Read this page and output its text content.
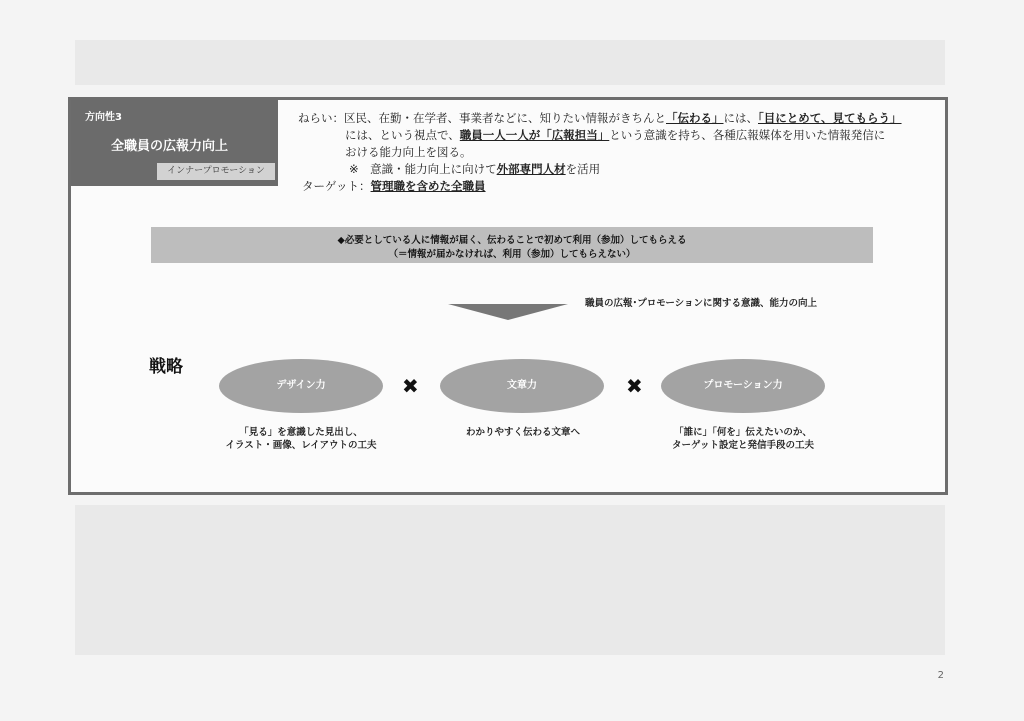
方向性3
全職員の広報力向上
インナープロモーション
ねらい：区民、在勤・在学者、事業者などに、知りたい情報がきちんと「伝わる」には、「目にとめて、見てもらう」
には、という視点で、職員一人一人が「広報担当」という意識を持ち、各種広報媒体を用いた情報発信に
おける能力向上を図る。
※　意識・能力向上に向けて外部専門人材を活用
ターゲット：管理職を含めた全職員
◆必要としている人に情報が届く、伝わることで初めて利用（参加）してもらえる
（＝情報が届かなければ、利用（参加）してもらえない）
職員の広報･プロモーションに関する意識、能力の向上
戦略
デザイン力	✖	文章力	✖	プロモーション力
「見る」を意識した見出し、
イラスト・画像、レイアウトの工夫
わかりやすく伝わる文章へ	「誰に」「何を」伝えたいのか、
ターゲット設定と発信手段の工夫
2
